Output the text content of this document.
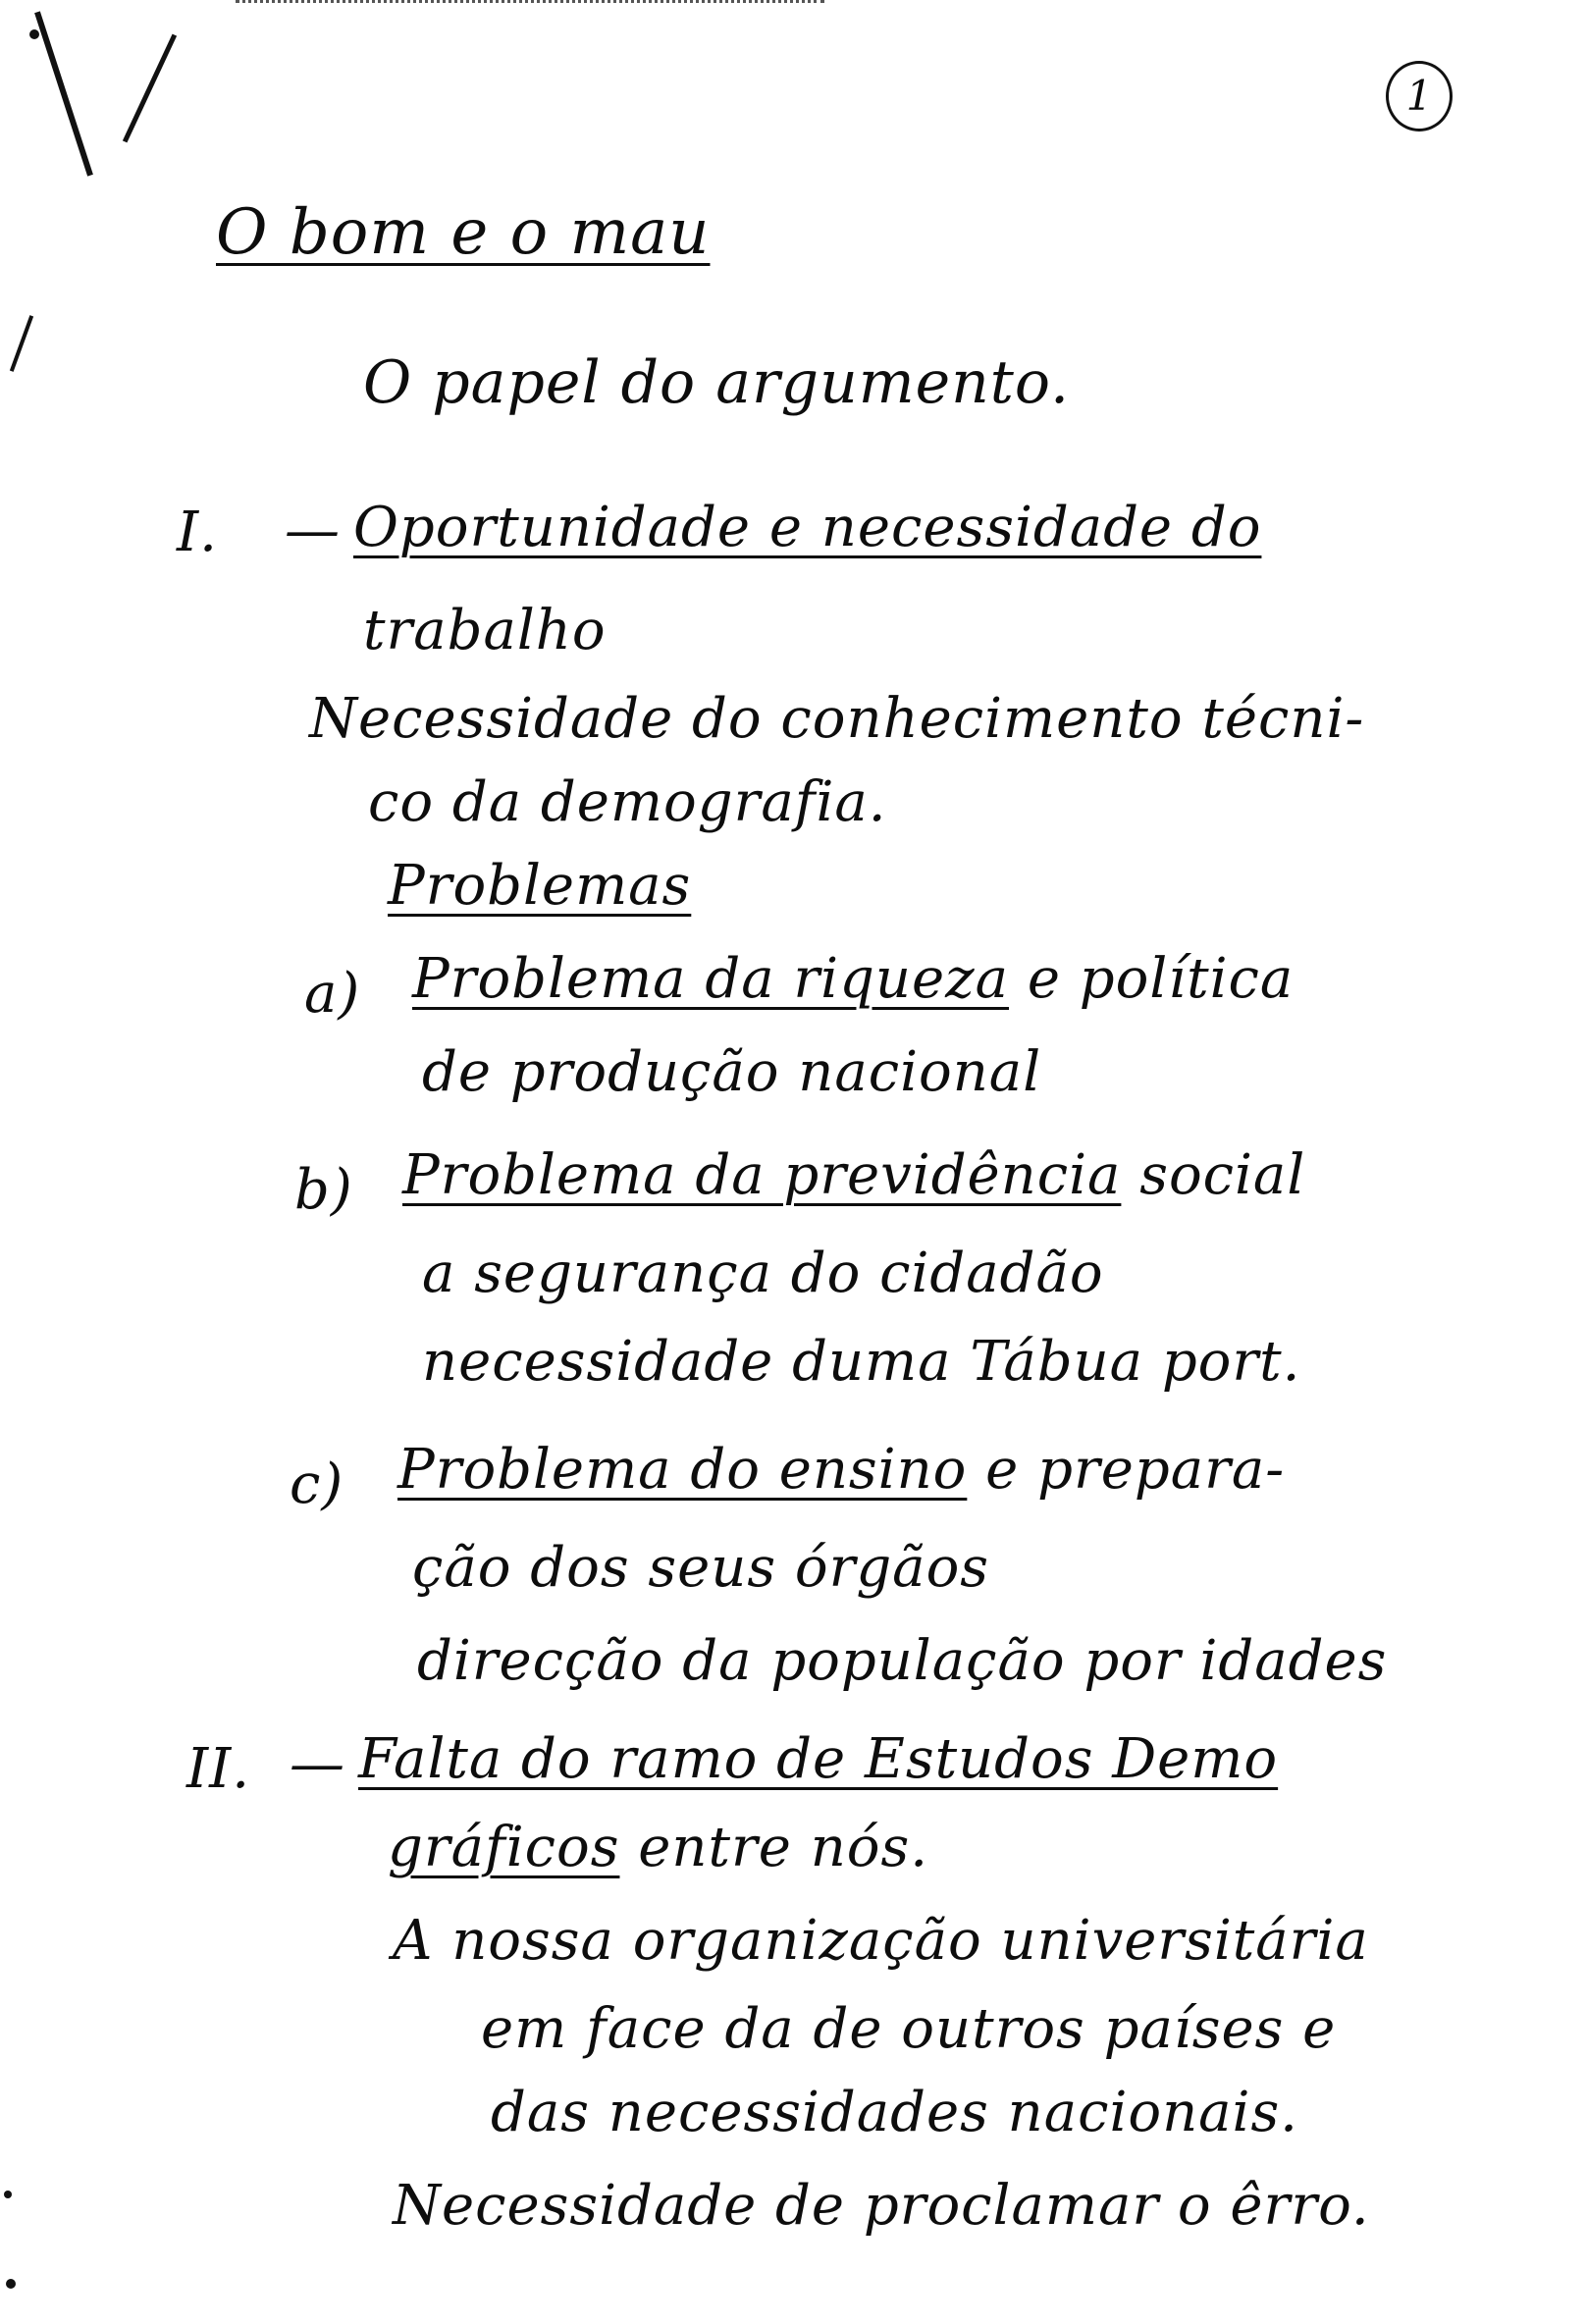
1
O bom e o mau
O papel do argumento.
I. — Oportunidade e necessidade do
trabalho
Necessidade do conhecimento técni-
co da demografia.
Problemas
a) Problema da riqueza e política
de produção nacional
b) Problema da previdência social
a segurança do cidadão
necessidade duma Tábua port.
c) Problema do ensino e prepara-
ção dos seus órgãos
direcção da população por idades
II. — Falta do ramo de Estudos Demo
gráficos entre nós.
A nossa organização universitária
em face da de outros países e
das necessidades nacionais.
Necessidade de proclamar o êrro.
